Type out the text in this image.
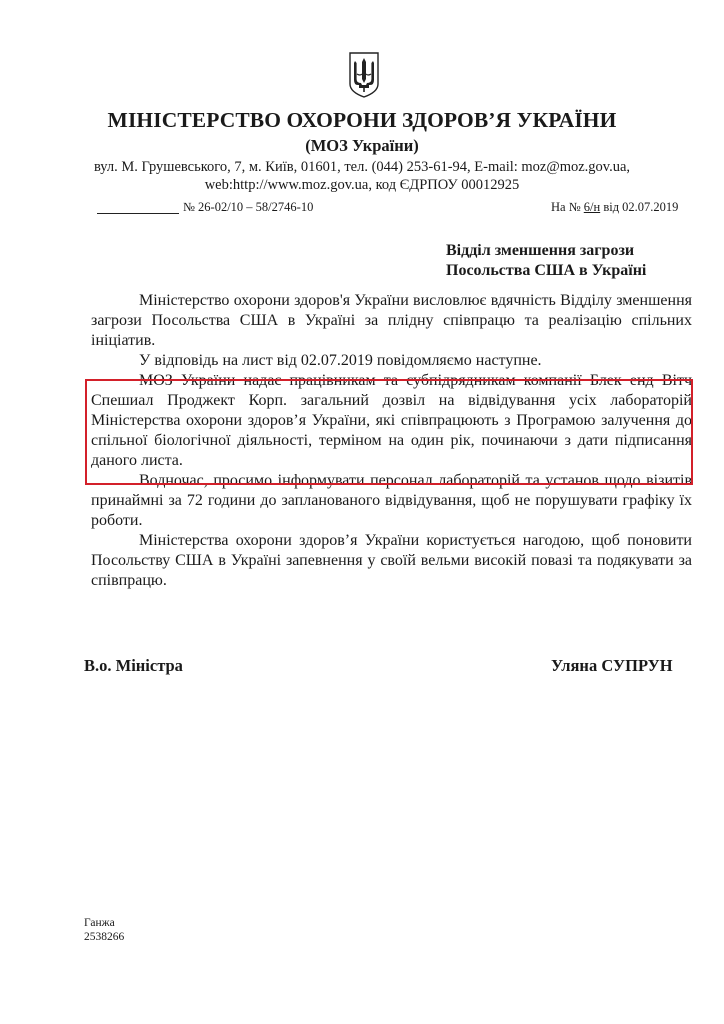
МІНІСТЕРСТВО ОХОРОНИ ЗДОРОВ’Я УКРАЇНИ
(МОЗ України)
вул. М. Грушевського, 7, м. Київ, 01601, тел. (044) 253-61-94, E-mail: moz@moz.gov.ua,
web:http://www.moz.gov.ua, код ЄДРПОУ 00012925
№ 26-02/10 – 58/2746-10	На № 6/н від 02.07.2019
Відділ зменшення загрози
Посольства США в Україні

Міністерство охорони здоров'я України висловлює вдячність Відділу зменшення загрози Посольства США в Україні за плідну співпрацю та реалізацію спільних ініціатив.

У відповідь на лист від 02.07.2019 повідомляємо наступне.

МОЗ України надає працівникам та субпідрядникам компанії Блек енд Вітч Спешиал Проджект Корп. загальний дозвіл на відвідування усіх лабораторій Міністерства охорони здоров’я України, які співпрацюють з Програмою залучення до спільної біологічної діяльності, терміном на один рік, починаючи з дати підписання даного листа.

Водночас, просимо інформувати персонал лабораторій та установ щодо візитів принаймні за 72 години до запланованого відвідування, щоб не порушувати графіку їх роботи.

Міністерства охорони здоров’я України користується нагодою, щоб поновити Посольству США в Україні запевнення у своїй вельми високій повазі та подякувати за співпрацю.

В.о. Міністра	Уляна СУПРУН
Ганжа
2538266
